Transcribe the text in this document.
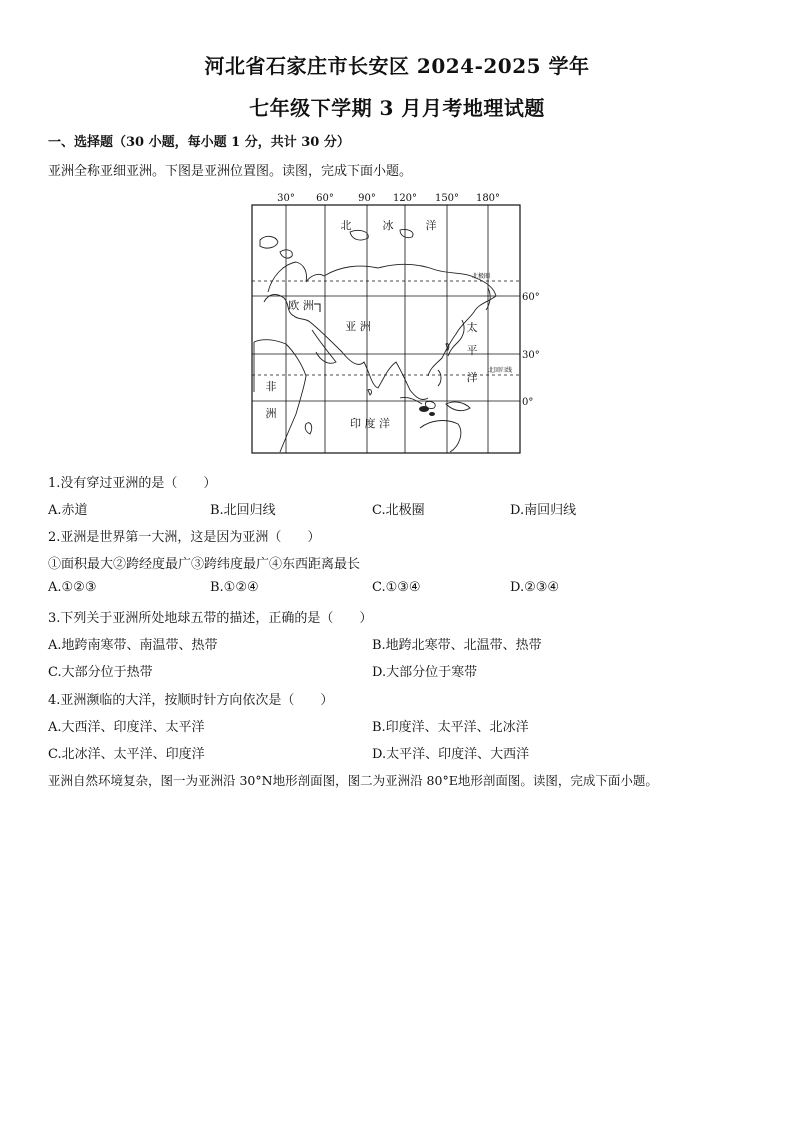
河北省石家庄市长安区 2024-2025 学年
七年级下学期 3 月月考地理试题
一、选择题（30 小题，每小题 1 分，共计 30 分）
亚洲全称亚细亚洲。下图是亚洲位置图。读图，完成下面小题。
30° 60° 90° 120° 150° 180°
北极圈
北回归线
60°
30°
0°
北	冰	洋
欧 洲
亚 洲	太
平
洋
非
洲
印 度 洋
1.没有穿过亚洲的是（　　）
A.赤道	B.北回归线	C.北极圈	D.南回归线
2.亚洲是世界第一大洲，这是因为亚洲（　　）
①面积最大②跨经度最广③跨纬度最广④东西距离最长
A.①②③	B.①②④	C.①③④	D.②③④
3.下列关于亚洲所处地球五带的描述，正确的是（　　）
A.地跨南寒带、南温带、热带	B.地跨北寒带、北温带、热带
C.大部分位于热带	D.大部分位于寒带
4.亚洲濒临的大洋，按顺时针方向依次是（　　）
A.大西洋、印度洋、太平洋	B.印度洋、太平洋、北冰洋
C.北冰洋、太平洋、印度洋	D.太平洋、印度洋、大西洋
亚洲自然环境复杂，图一为亚洲沿 30°N地形剖面图，图二为亚洲沿 80°E地形剖面图。读图，完成下面小题。
